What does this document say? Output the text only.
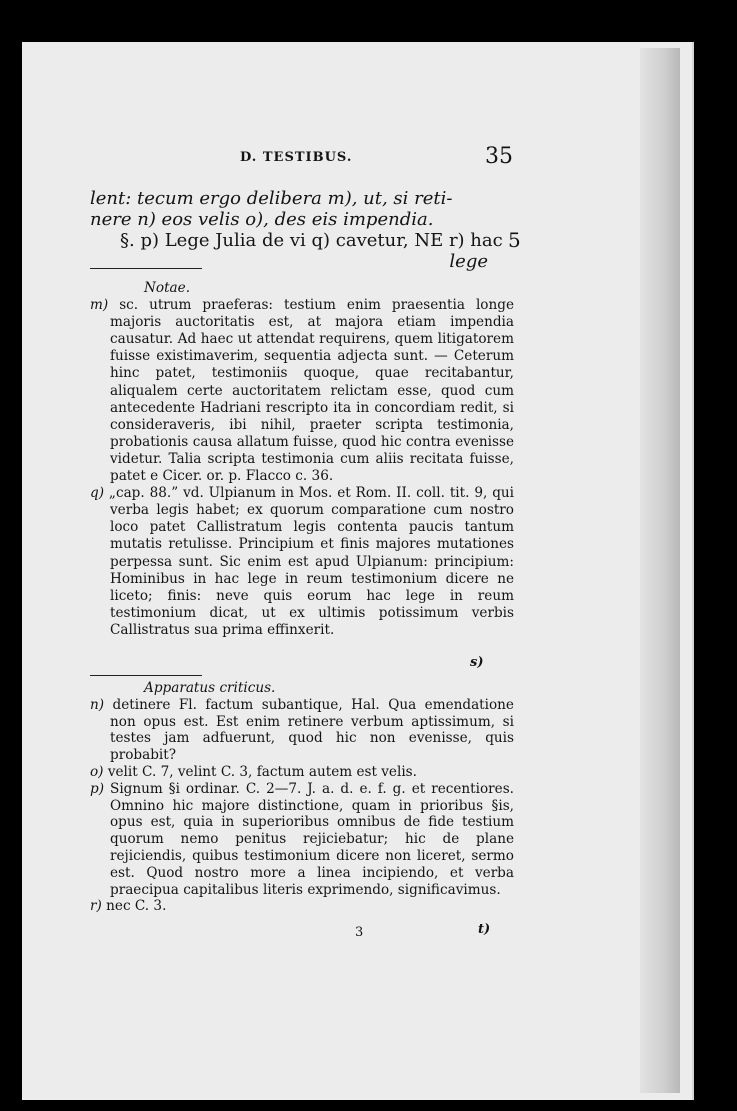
D. TESTIBUS.	35

lent: tecum ergo delibera m), ut, si reti-

nere n) eos velis o), des eis impendia.

§. p) Lege Julia de vi q) cavetur, NE r) hac

lege

5
Notae.

m) sc. utrum praeferas: testium enim praesentia longe majoris auctoritatis est, at majora etiam impendia causatur. Ad haec ut attendat requirens, quem litigatorem fuisse existimaverim, sequentia adjecta sunt. — Ceterum hinc patet, testimoniis quoque, quae recitabantur, aliqualem certe auctoritatem relictam esse, quod cum antecedente Hadriani rescripto ita in concordiam redit, si consideraveris, ibi nihil, praeter scripta testimonia, probationis causa allatum fuisse, quod hic contra evenisse videtur. Talia scripta testimonia cum aliis recitata fuisse, patet e Cicer. or. p. Flacco c. 36.

q) „cap. 88.” vd. Ulpianum in Mos. et Rom. II. coll. tit. 9, qui verba legis habet; ex quorum comparatione cum nostro loco patet Callistratum legis contenta paucis tantum mutatis retulisse. Principium et finis majores mutationes perpessa sunt. Sic enim est apud Ulpianum: principium: Hominibus in hac lege in reum testimonium dicere ne liceto; finis: neve quis eorum hac lege in reum testimonium dicat, ut ex ultimis potissimum verbis Callistratus sua prima effinxerit.

s)
Apparatus criticus.

n) detinere Fl. factum subantique, Hal. Qua emendatione non opus est. Est enim retinere verbum aptissimum, si testes jam adfuerunt, quod hic non evenisse, quis probabit?

o) velit C. 7, velint C. 3, factum autem est velis.

p) Signum §i ordinar. C. 2—7. J. a. d. e. f. g. et recentiores. Omnino hic majore distinctione, quam in prioribus §is, opus est, quia in superioribus omnibus de fide testium quorum nemo penitus rejiciebatur; hic de plane rejiciendis, quibus testimonium dicere non liceret, sermo est. Quod nostro more a linea incipiendo, et verba praecipua capitalibus literis exprimendo, significavimus.

r) nec C. 3.

3	t)
